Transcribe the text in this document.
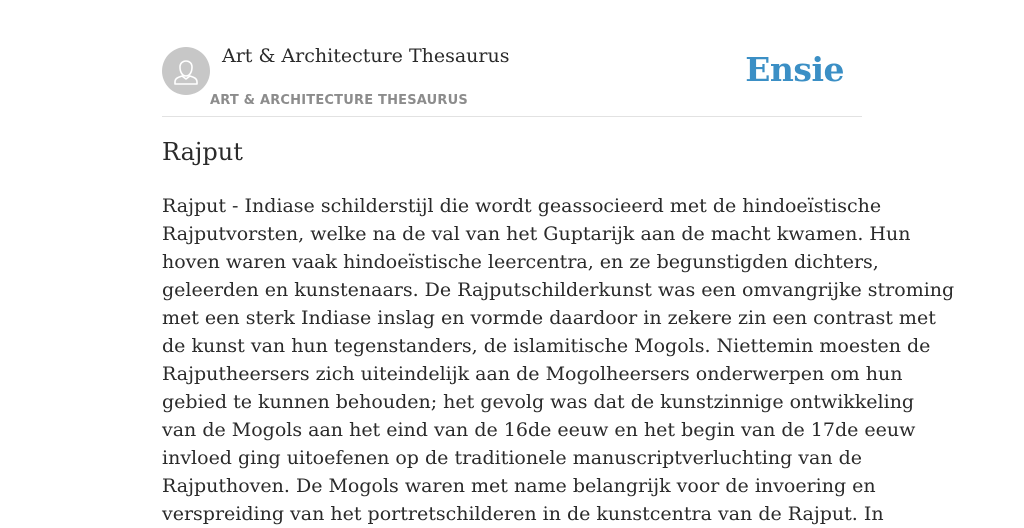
Art & Architecture Thesaurus
ART & ARCHITECTURE THESAURUS
Ensie
Rajput

Rajput - Indiase schilderstijl die wordt geassocieerd met de hindoeïstische
Rajputvorsten, welke na de val van het Guptarijk aan de macht kwamen. Hun
hoven waren vaak hindoeïstische leercentra, en ze begunstigden dichters,
geleerden en kunstenaars. De Rajputschilderkunst was een omvangrijke stroming
met een sterk Indiase inslag en vormde daardoor in zekere zin een contrast met
de kunst van hun tegenstanders, de islamitische Mogols. Niettemin moesten de
Rajputheersers zich uiteindelijk aan de Mogolheersers onderwerpen om hun
gebied te kunnen behouden; het gevolg was dat de kunstzinnige ontwikkeling
van de Mogols aan het eind van de 16de eeuw en het begin van de 17de eeuw
invloed ging uitoefenen op de traditionele manuscriptverluchting van de
Rajputhoven. De Mogols waren met name belangrijk voor de invoering en
verspreiding van het portretschilderen in de kunstcentra van de Rajput. In
